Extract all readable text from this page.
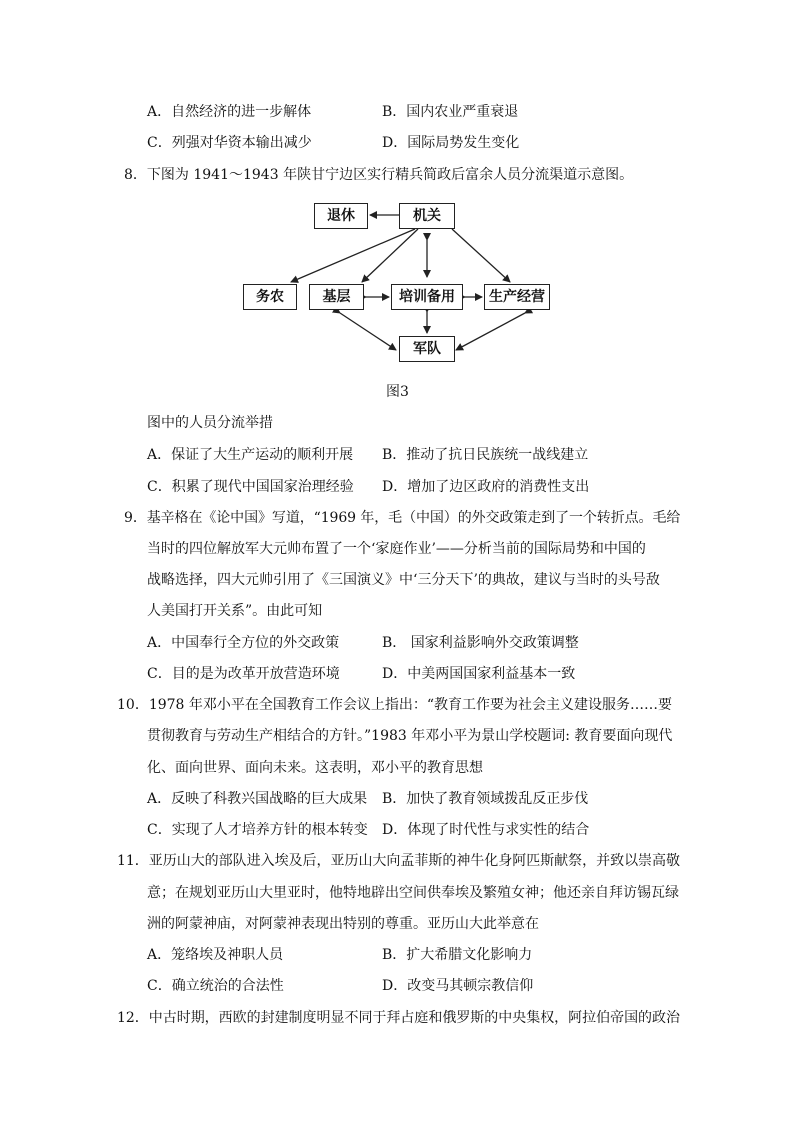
A．自然经济的进一步解体	B．国内农业严重衰退
C．列强对华资本输出减少	D．国际局势发生变化
8．下图为 1941～1943 年陕甘宁边区实行精兵简政后富余人员分流渠道示意图。
退休	机关
务农	基层	培训备用	生产经营
军队
图3
图中的人员分流举措
A．保证了大生产运动的顺利开展 B．推动了抗日民族统一战线建立
C．积累了现代中国国家治理经验 D．增加了边区政府的消费性支出
9．基辛格在《论中国》写道，“1969 年，毛（中国）的外交政策走到了一个转折点。毛给
当时的四位解放军大元帅布置了一个‘家庭作业’——分析当前的国际局势和中国的
战略选择，四大元帅引用了《三国演义》中‘三分天下’的典故，建议与当时的头号敌
人美国打开关系”。由此可知
A．中国奉行全方位的外交政策	B． 国家利益影响外交政策调整
C．目的是为改革开放营造环境	D．中美两国国家利益基本一致
10．1978 年邓小平在全国教育工作会议上指出：“教育工作要为社会主义建设服务……要
贯彻教育与劳动生产相结合的方针。”1983 年邓小平为景山学校题词: 教育要面向现代
化、面向世界、面向未来。这表明，邓小平的教育思想
A．反映了科教兴国战略的巨大成果 B．加快了教育领域拨乱反正步伐
C．实现了人才培养方针的根本转变 D．体现了时代性与求实性的结合
11．亚历山大的部队进入埃及后，亚历山大向孟菲斯的神牛化身阿匹斯献祭，并致以崇高敬
意；在规划亚历山大里亚时，他特地辟出空间供奉埃及繁殖女神；他还亲自拜访锡瓦绿
洲的阿蒙神庙，对阿蒙神表现出特别的尊重。亚历山大此举意在
A．笼络埃及神职人员	B．扩大希腊文化影响力
C．确立统治的合法性	D．改变马其顿宗教信仰
12．中古时期，西欧的封建制度明显不同于拜占庭和俄罗斯的中央集权，阿拉伯帝国的政治
